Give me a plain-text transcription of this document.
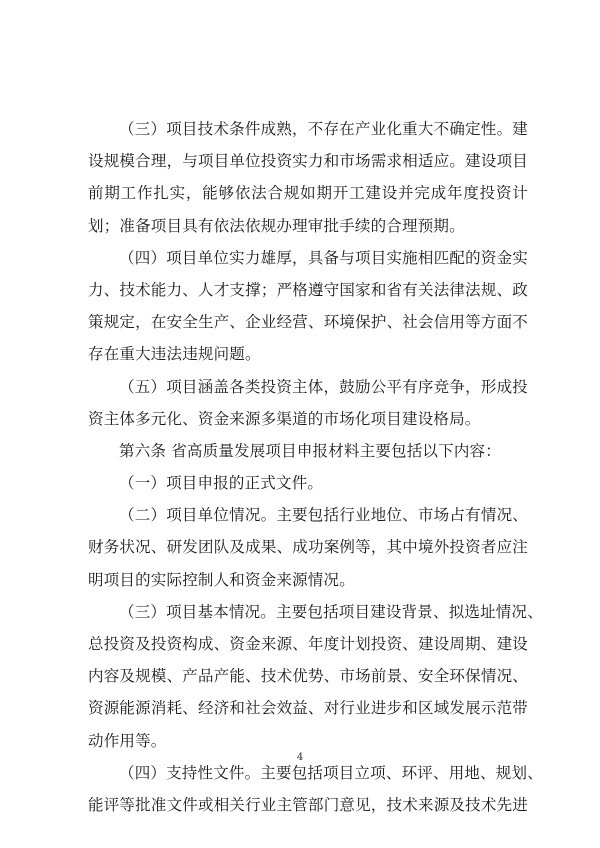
（三）项目技术条件成熟，不存在产业化重大不确定性。建
设规模合理，与项目单位投资实力和市场需求相适应。建设项目
前期工作扎实，能够依法合规如期开工建设并完成年度投资计
划；准备项目具有依法依规办理审批手续的合理预期。
（四）项目单位实力雄厚，具备与项目实施相匹配的资金实
力、技术能力、人才支撑；严格遵守国家和省有关法律法规、政
策规定，在安全生产、企业经营、环境保护、社会信用等方面不
存在重大违法违规问题。
（五）项目涵盖各类投资主体，鼓励公平有序竞争，形成投
资主体多元化、资金来源多渠道的市场化项目建设格局。
第六条 省高质量发展项目申报材料主要包括以下内容：
（一）项目申报的正式文件。
（二）项目单位情况。主要包括行业地位、市场占有情况、
财务状况、研发团队及成果、成功案例等，其中境外投资者应注
明项目的实际控制人和资金来源情况。
（三）项目基本情况。主要包括项目建设背景、拟选址情况、
总投资及投资构成、资金来源、年度计划投资、建设周期、建设
内容及规模、产品产能、技术优势、市场前景、安全环保情况、
资源能源消耗、经济和社会效益、对行业进步和区域发展示范带
动作用等。
（四）支持性文件。主要包括项目立项、环评、用地、规划、
能评等批准文件或相关行业主管部门意见，技术来源及技术先进
4
